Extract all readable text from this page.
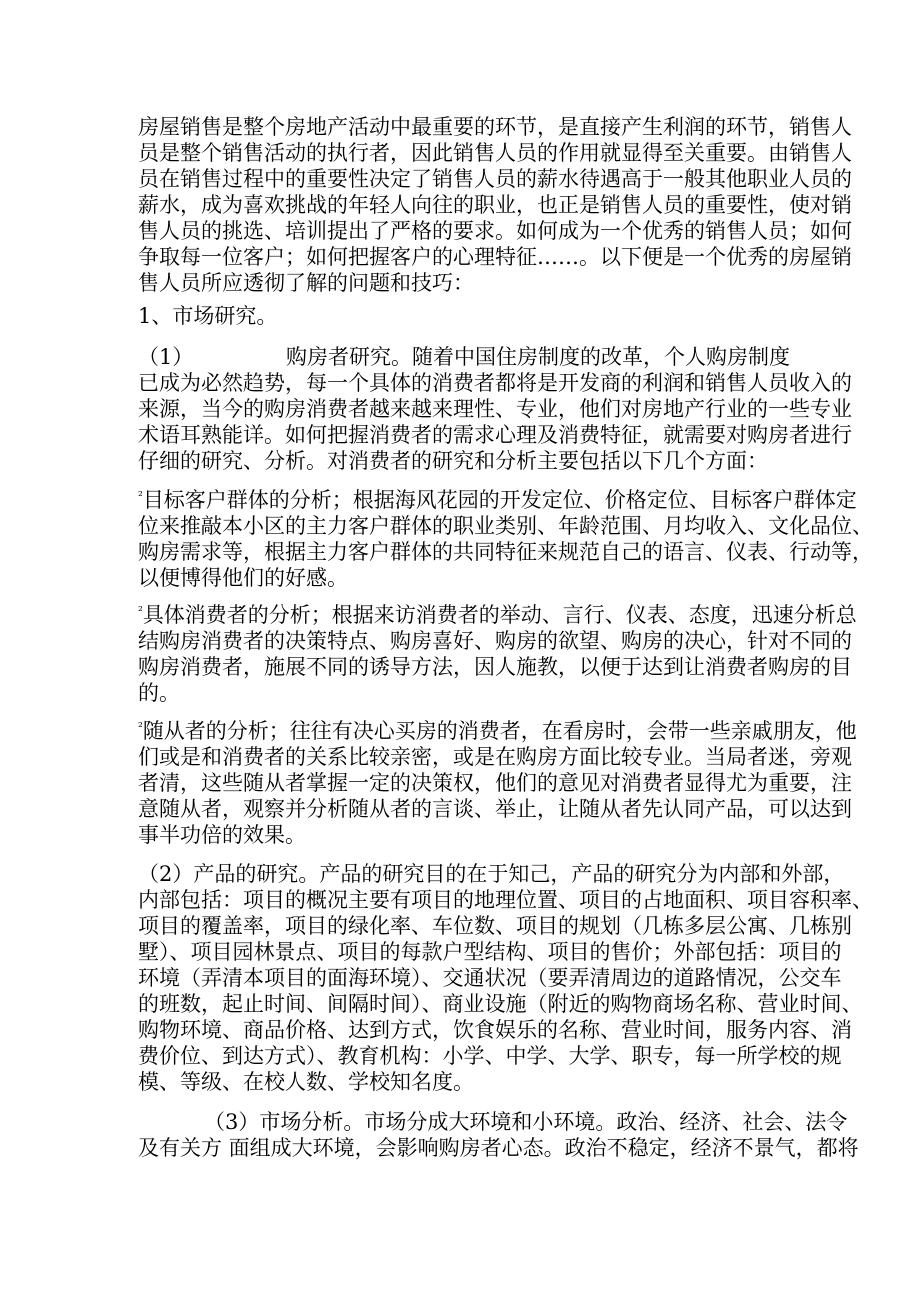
房屋销售是整个房地产活动中最重要的环节，是直接产生利润的环节，销售人
员是整个销售活动的执行者，因此销售人员的作用就显得至关重要。由销售人
员在销售过程中的重要性决定了销售人员的薪水待遇高于一般其他职业人员的
薪水，成为喜欢挑战的年轻人向往的职业，也正是销售人员的重要性，使对销
售人员的挑选、培训提出了严格的要求。如何成为一个优秀的销售人员；如何
争取每一位客户；如何把握客户的心理特征……。以下便是一个优秀的房屋销
售人员所应透彻了解的问题和技巧：
1、市场研究。
（1）	购房者研究。随着中国住房制度的改革，个人购房制度
已成为必然趋势，每一个具体的消费者都将是开发商的利润和销售人员收入的
来源，当今的购房消费者越来越来理性、专业，他们对房地产行业的一些专业
术语耳熟能详。如何把握消费者的需求心理及消费特征，就需要对购房者进行
仔细的研究、分析。对消费者的研究和分析主要包括以下几个方面：
$^{^2}$目标客户群体的分析；根据海风花园的开发定位、价格定位、目标客户群体定
位来推敲本小区的主力客户群体的职业类别、年龄范围、月均收入、文化品位、
购房需求等，根据主力客户群体的共同特征来规范自己的语言、仪表、行动等，
以便博得他们的好感。
$^{^2}$具体消费者的分析；根据来访消费者的举动、言行、仪表、态度，迅速分析总
结购房消费者的决策特点、购房喜好、购房的欲望、购房的决心，针对不同的
购房消费者，施展不同的诱导方法，因人施教，以便于达到让消费者购房的目
的。
$^{^2}$随从者的分析；往往有决心买房的消费者，在看房时，会带一些亲戚朋友，他
们或是和消费者的关系比较亲密，或是在购房方面比较专业。当局者迷，旁观
者清，这些随从者掌握一定的决策权，他们的意见对消费者显得尤为重要，注
意随从者，观察并分析随从者的言谈、举止，让随从者先认同产品，可以达到
事半功倍的效果。
（2） 产品的研究。产品的研究目的在于知己，产品的研究分为内部和外部，
内部包括：项目的概况主要有项目的地理位置、项目的占地面积、项目容积率、
项目的覆盖率，项目的绿化率、车位数、项目的规划（几栋多层公寓、几栋别
墅）、项目园林景点、项目的每款户型结构、项目的售价；外部包括：项目的
环境（弄清本项目的面海环境）、交通状况（要弄清周边的道路情况，公交车
的班数，起止时间、间隔时间）、商业设施（附近的购物商场名称、营业时间、
购物环境、商品价格、达到方式，饮食娱乐的名称、营业时间，服务内容、消
费价位、到达方式）、教育机构：小学、中学、大学、职专，每一所学校的规
模、等级、在校人数、学校知名度。
（3）市场分析。市场分成大环境和小环境。政治、经济、社会、法令
及有关方 面组成大环境，会影响购房者心态。政治不稳定，经济不景气，都将
